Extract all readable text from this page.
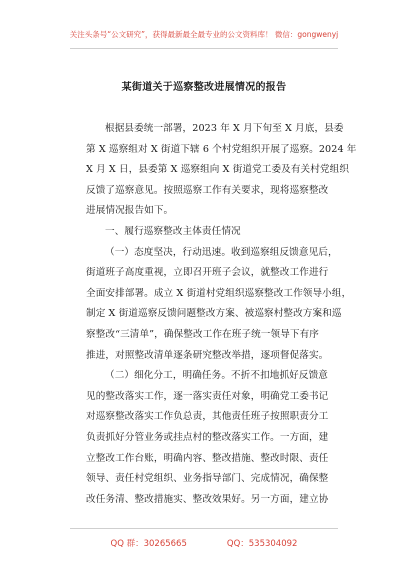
关注头条号“公文研究”，获得最新最全最专业的公文资料库！ 微信：gongwenyj
某街道关于巡察整改进展情况的报告
根据县委统一部署，2023 年 X 月下旬至 X 月底，县委
第 X 巡察组对 X 街道下辖 6 个村党组织开展了巡察。2024 年
X 月 X 日，县委第 X 巡察组向 X 街道党工委及有关村党组织
反馈了巡察意见。按照巡察工作有关要求，现将巡察整改
进展情况报告如下。
一、履行巡察整改主体责任情况
（一）态度坚决，行动迅速。收到巡察组反馈意见后，
街道班子高度重视，立即召开班子会议，就整改工作进行
全面安排部署。成立 X 街道村党组织巡察整改工作领导小组，
制定 X 街道巡察反馈问题整改方案、被巡察村整改方案和巡
察整改“三清单”，确保整改工作在班子统一领导下有序
推进，对照整改清单逐条研究整改举措，逐项督促落实。
（二）细化分工，明确任务。不折不扣地抓好反馈意
见的整改落实工作，逐一落实责任对象，明确党工委书记
对巡察整改落实工作负总责，其他责任班子按照职责分工
负责抓好分管业务或挂点村的整改落实工作。一方面，建
立整改工作台账，明确内容、整改措施、整改时限、责任
领导、责任村党组织、业务指导部门、完成情况，确保整
改任务清、整改措施实、整改效果好。另一方面，建立协
QQ 群：30265665	QQ：535304092
